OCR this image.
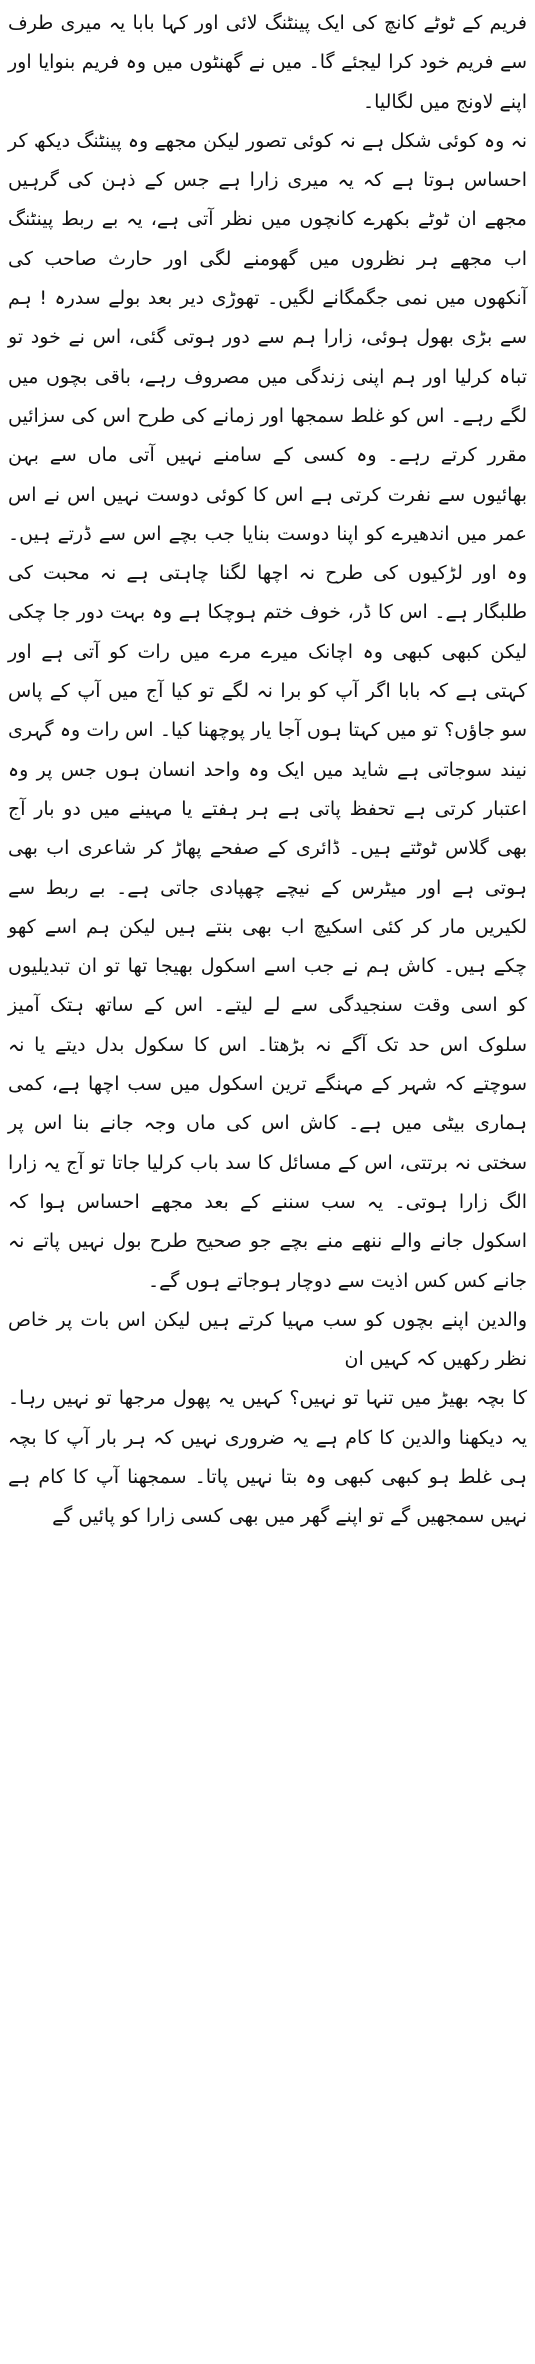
فریم کے ٹوٹے کانچ کی ایک پینٹنگ لائی اور کہا بابا یہ میری طرف سے فریم خود کرا لیجئے گا۔ میں نے گھنٹوں میں وہ فریم بنوایا اور اپنے لاونج میں لگالیا۔

نہ وہ کوئی شکل ہے نہ کوئی تصور لیکن مجھے وہ پینٹنگ دیکھ کر احساس ہوتا ہے کہ یہ میری زارا ہے جس کے ذہن کی گرہیں مجھے ان ٹوٹے بکھرے کانچوں میں نظر آتی ہے، یہ بے ربط پینٹنگ اب مجھے ہر نظروں میں گھومنے لگی اور حارث صاحب کی آنکھوں میں نمی جگمگانے لگیں۔ تھوڑی دیر بعد بولے سدرہ ! ہم سے بڑی بھول ہوئی، زارا ہم سے دور ہوتی گئی، اس نے خود تو تباہ کرلیا اور ہم اپنی زندگی میں مصروف رہے، باقی بچوں میں لگے رہے۔ اس کو غلط سمجھا اور زمانے کی طرح اس کی سزائیں مقرر کرتے رہے۔ وہ کسی کے سامنے نہیں آتی ماں سے بہن بھائیوں سے نفرت کرتی ہے اس کا کوئی دوست نہیں اس نے اس عمر میں اندھیرے کو اپنا دوست بنایا جب بچے اس سے ڈرتے ہیں۔ وہ اور لڑکیوں کی طرح نہ اچھا لگنا چاہتی ہے نہ محبت کی طلبگار ہے۔ اس کا ڈر، خوف ختم ہوچکا ہے وہ بہت دور جا چکی لیکن کبھی کبھی وہ اچانک میرے مرے میں رات کو آتی ہے اور کہتی ہے کہ بابا اگر آپ کو برا نہ لگے تو کیا آج میں آپ کے پاس سو جاؤں؟ تو میں کہتا ہوں آجا یار پوچھنا کیا۔ اس رات وہ گہری نیند سوجاتی ہے شاید میں ایک وہ واحد انسان ہوں جس پر وہ اعتبار کرتی ہے تحفظ پاتی ہے ہر ہفتے یا مہینے میں دو بار آج بھی گلاس ٹوٹتے ہیں۔ ڈائری کے صفحے پھاڑ کر شاعری اب بھی ہوتی ہے اور میٹرس کے نیچے چھپادی جاتی ہے۔ بے ربط سے لکیریں مار کر کئی اسکیچ اب بھی بنتے ہیں لیکن ہم اسے کھو چکے ہیں۔ کاش ہم نے جب اسے اسکول بھیجا تھا تو ان تبدیلیوں کو اسی وقت سنجیدگی سے لے لیتے۔ اس کے ساتھ ہتک آمیز سلوک اس حد تک آگے نہ بڑھتا۔ اس کا سکول بدل دیتے یا نہ سوچتے کہ شہر کے مہنگے ترین اسکول میں سب اچھا ہے، کمی ہماری بیٹی میں ہے۔ کاش اس کی ماں وجہ جانے بنا اس پر سختی نہ برتتی، اس کے مسائل کا سد باب کرلیا جاتا تو آج یہ زارا الگ زارا ہوتی۔ یہ سب سننے کے بعد مجھے احساس ہوا کہ اسکول جانے والے ننھے منے بچے جو صحیح طرح بول نہیں پاتے نہ جانے کس کس اذیت سے دوچار ہوجاتے ہوں گے۔

والدین اپنے بچوں کو سب مہیا کرتے ہیں لیکن اس بات پر خاص نظر رکھیں کہ کہیں ان

کا بچہ بھیڑ میں تنہا تو نہیں؟ کہیں یہ پھول مرجھا تو نہیں رہا۔ یہ دیکھنا والدین کا کام ہے یہ ضروری نہیں کہ ہر بار آپ کا بچہ ہی غلط ہو کبھی کبھی وہ بتا نہیں پاتا۔ سمجھنا آپ کا کام ہے نہیں سمجھیں گے تو اپنے گھر میں بھی کسی زارا کو پائیں گے
